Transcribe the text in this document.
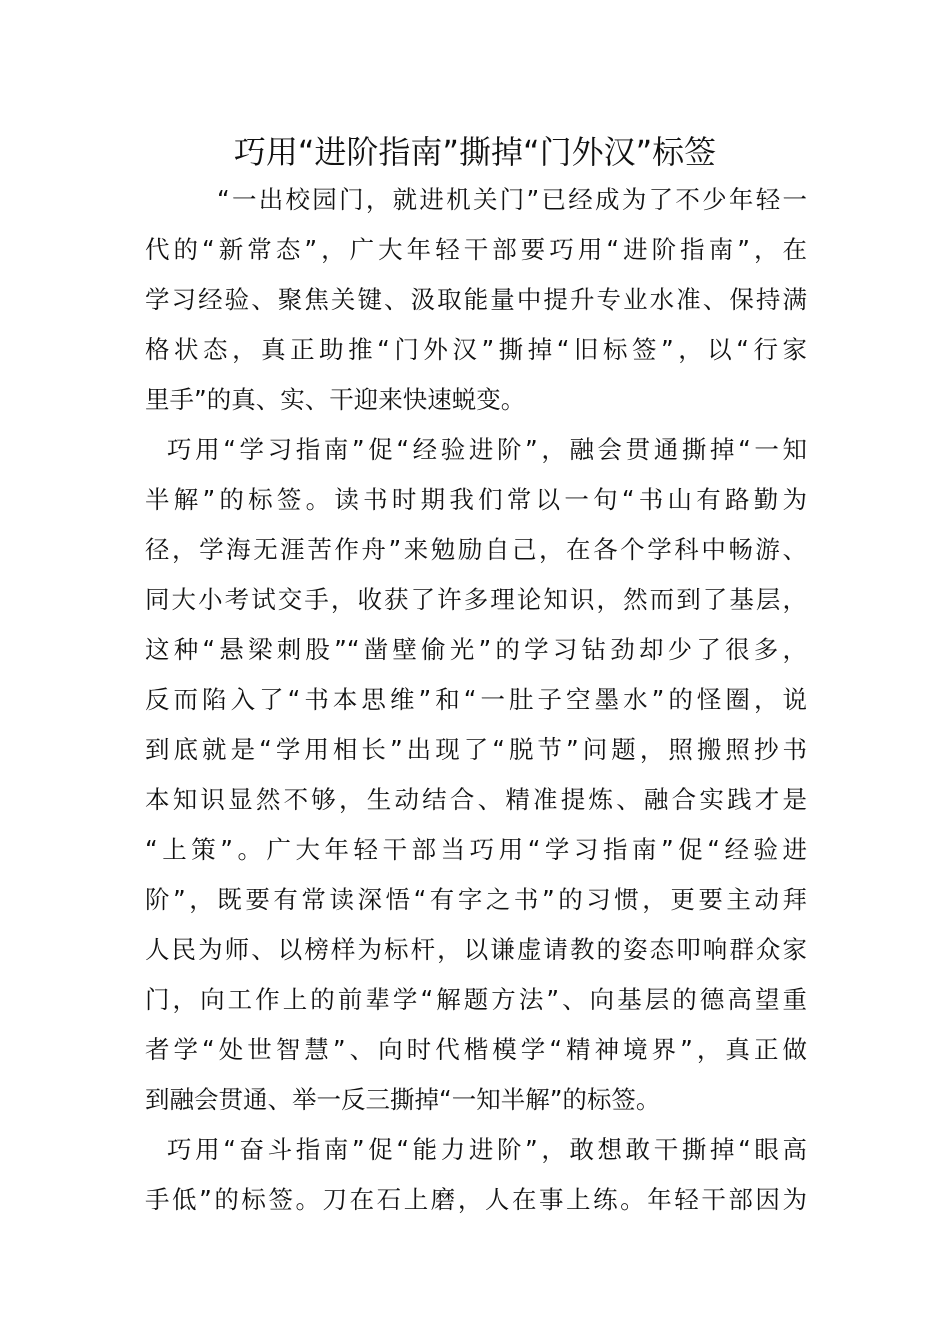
巧用“进阶指南”撕掉“门外汉”标签
“一出校园门，就进机关门”已经成为了不少年轻一
代的“新常态”，广大年轻干部要巧用“进阶指南”，在
学习经验、聚焦关键、汲取能量中提升专业水准、保持满
格状态，真正助推“门外汉”撕掉“旧标签”，以“行家
里手”的真、实、干迎来快速蜕变。
巧用“学习指南”促“经验进阶”，融会贯通撕掉“一知
半解”的标签。读书时期我们常以一句“书山有路勤为
径，学海无涯苦作舟”来勉励自己，在各个学科中畅游、
同大小考试交手，收获了许多理论知识，然而到了基层，
这种“悬梁刺股”“凿壁偷光”的学习钻劲却少了很多，
反而陷入了“书本思维”和“一肚子空墨水”的怪圈，说
到底就是“学用相长”出现了“脱节”问题，照搬照抄书
本知识显然不够，生动结合、精准提炼、融合实践才是
“上策”。广大年轻干部当巧用“学习指南”促“经验进
阶”，既要有常读深悟“有字之书”的习惯，更要主动拜
人民为师、以榜样为标杆，以谦虚请教的姿态叩响群众家
门，向工作上的前辈学“解题方法”、向基层的德高望重
者学“处世智慧”、向时代楷模学“精神境界”，真正做
到融会贯通、举一反三撕掉“一知半解”的标签。
巧用“奋斗指南”促“能力进阶”，敢想敢干撕掉“眼高
手低”的标签。刀在石上磨，人在事上练。年轻干部因为
